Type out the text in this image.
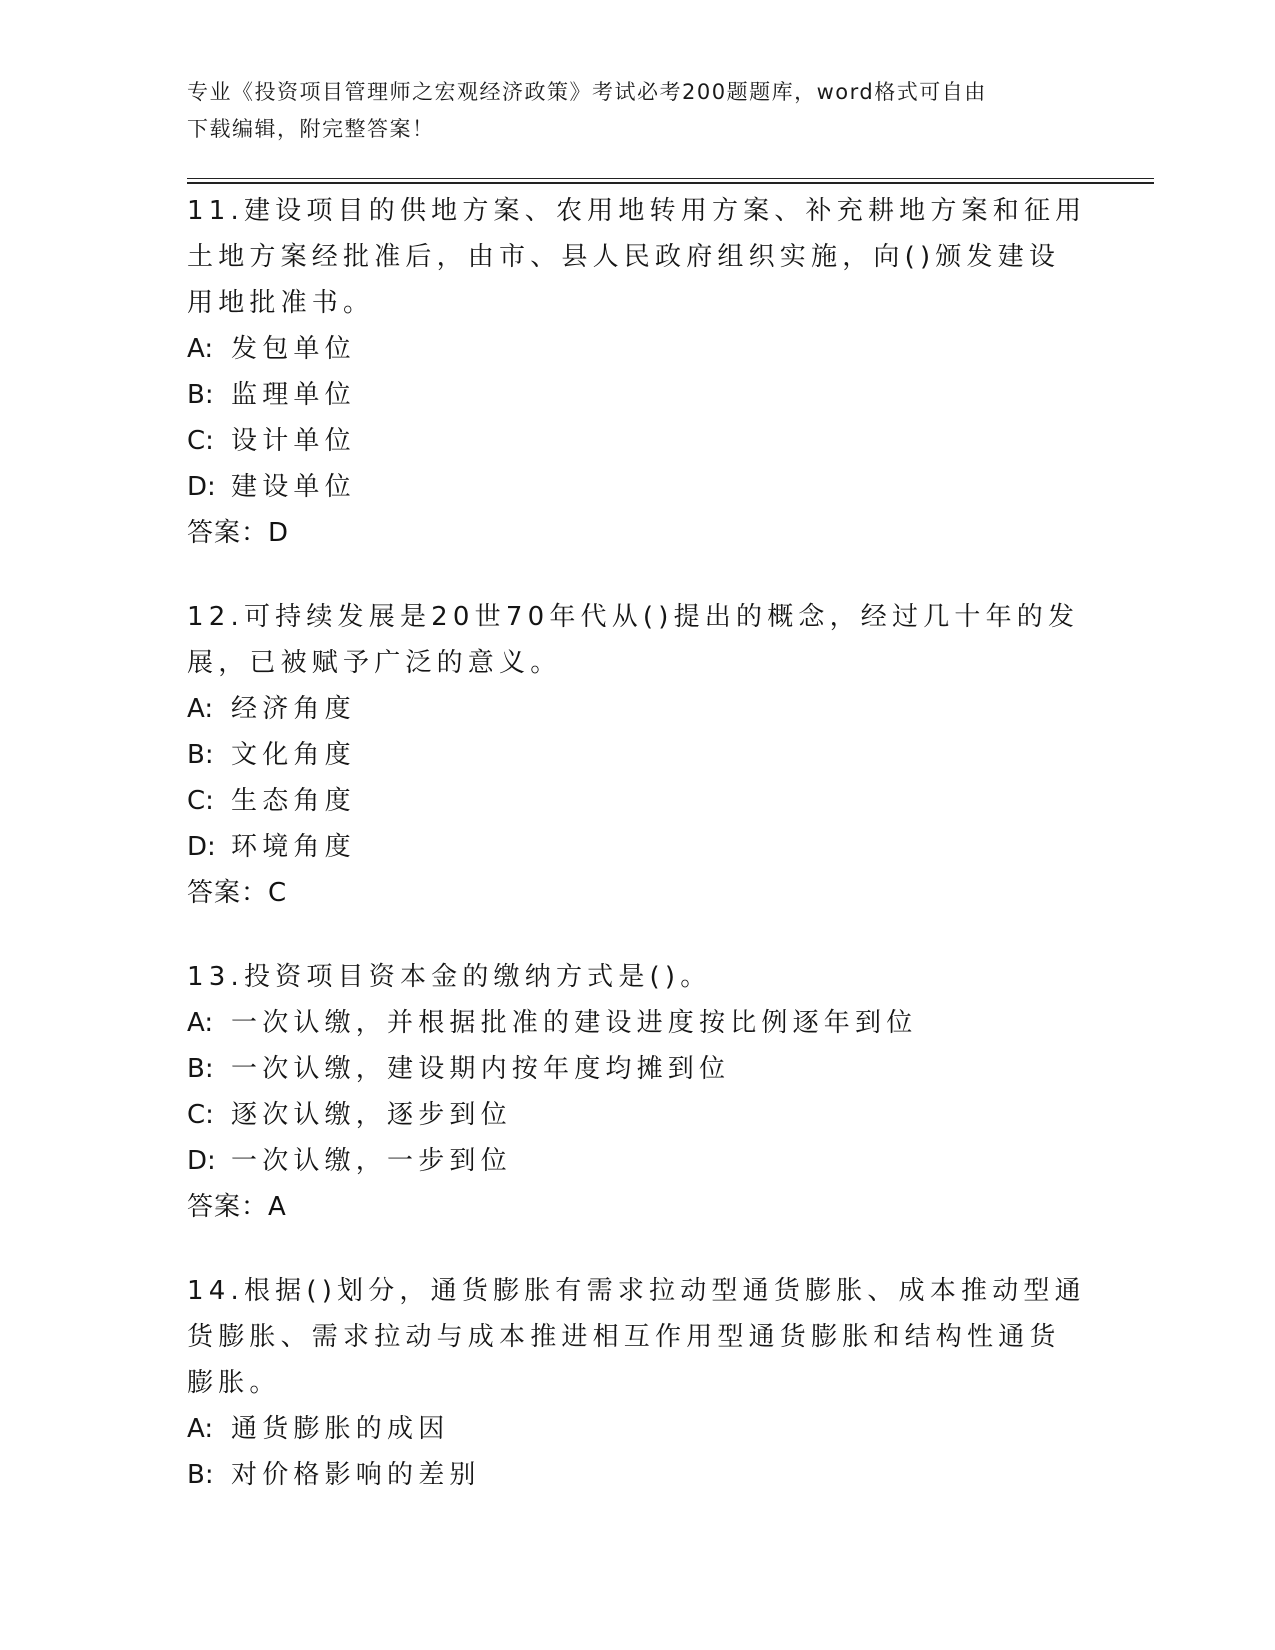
专业《投资项目管理师之宏观经济政策》考试必考200题题库，word格式可自由
下载编辑，附完整答案！

11.建设项目的供地方案、农用地转用方案、补充耕地方案和征用土地方案经批准后，由市、县人民政府组织实施，向()颁发建设用地批准书。

A: 发包单位

B: 监理单位

C: 设计单位

D: 建设单位

答案：D

12.可持续发展是20世70年代从()提出的概念，经过几十年的发展，已被赋予广泛的意义。

A: 经济角度

B: 文化角度

C: 生态角度

D: 环境角度

答案：C

13.投资项目资本金的缴纳方式是()。

A: 一次认缴，并根据批准的建设进度按比例逐年到位

B: 一次认缴，建设期内按年度均摊到位

C: 逐次认缴，逐步到位

D: 一次认缴，一步到位

答案：A

14.根据()划分，通货膨胀有需求拉动型通货膨胀、成本推动型通货膨胀、需求拉动与成本推进相互作用型通货膨胀和结构性通货膨胀。

A: 通货膨胀的成因

B: 对价格影响的差别
